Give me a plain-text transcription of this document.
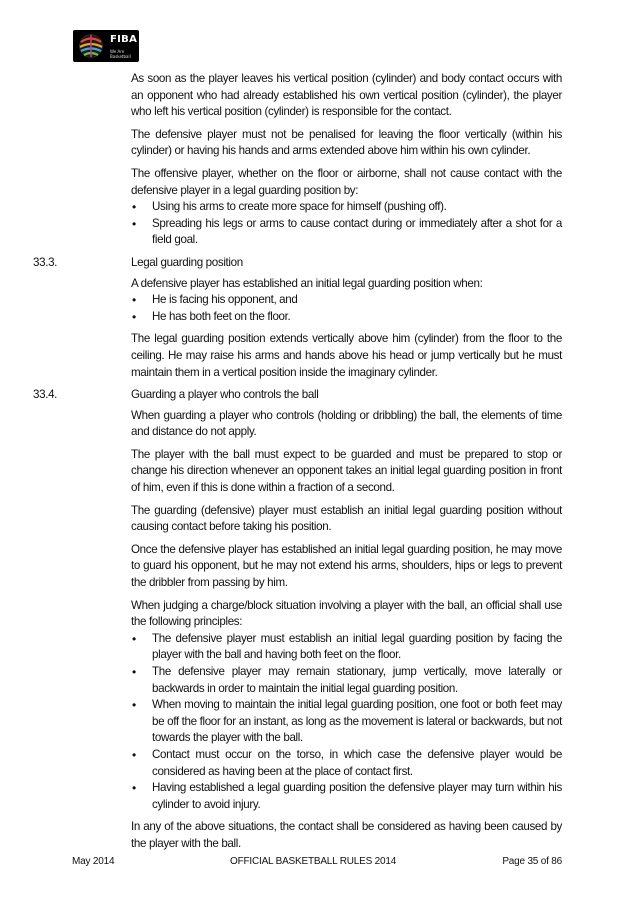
FIBA
We Are Basketball

As soon as the player leaves his vertical position (cylinder) and body contact occurs with an opponent who had already established his own vertical position (cylinder), the player who left his vertical position (cylinder) is responsible for the contact.

The defensive player must not be penalised for leaving the floor vertically (within his cylinder) or having his hands and arms extended above him within his own cylinder.

The offensive player, whether on the floor or airborne, shall not cause contact with the defensive player in a legal guarding position by:

• Using his arms to create more space for himself (pushing off).
• Spreading his legs or arms to cause contact during or immediately after a shot for a field goal.
33.3.	Legal guarding position

A defensive player has established an initial legal guarding position when:

• He is facing his opponent, and
• He has both feet on the floor.

The legal guarding position extends vertically above him (cylinder) from the floor to the ceiling. He may raise his arms and hands above his head or jump vertically but he must maintain them in a vertical position inside the imaginary cylinder.

33.4.	Guarding a player who controls the ball

When guarding a player who controls (holding or dribbling) the ball, the elements of time and distance do not apply.

The player with the ball must expect to be guarded and must be prepared to stop or change his direction whenever an opponent takes an initial legal guarding position in front of him, even if this is done within a fraction of a second.

The guarding (defensive) player must establish an initial legal guarding position without causing contact before taking his position.

Once the defensive player has established an initial legal guarding position, he may move to guard his opponent, but he may not extend his arms, shoulders, hips or legs to prevent the dribbler from passing by him.

When judging a charge/block situation involving a player with the ball, an official shall use the following principles:

• The defensive player must establish an initial legal guarding position by facing the player with the ball and having both feet on the floor.
• The defensive player may remain stationary, jump vertically, move laterally or backwards in order to maintain the initial legal guarding position.
• When moving to maintain the initial legal guarding position, one foot or both feet may be off the floor for an instant, as long as the movement is lateral or backwards, but not towards the player with the ball.
• Contact must occur on the torso, in which case the defensive player would be considered as having been at the place of contact first.
• Having established a legal guarding position the defensive player may turn within his cylinder to avoid injury.

In any of the above situations, the contact shall be considered as having been caused by the player with the ball.

May 2014	OFFICIAL BASKETBALL RULES 2014	Page 35 of 86
